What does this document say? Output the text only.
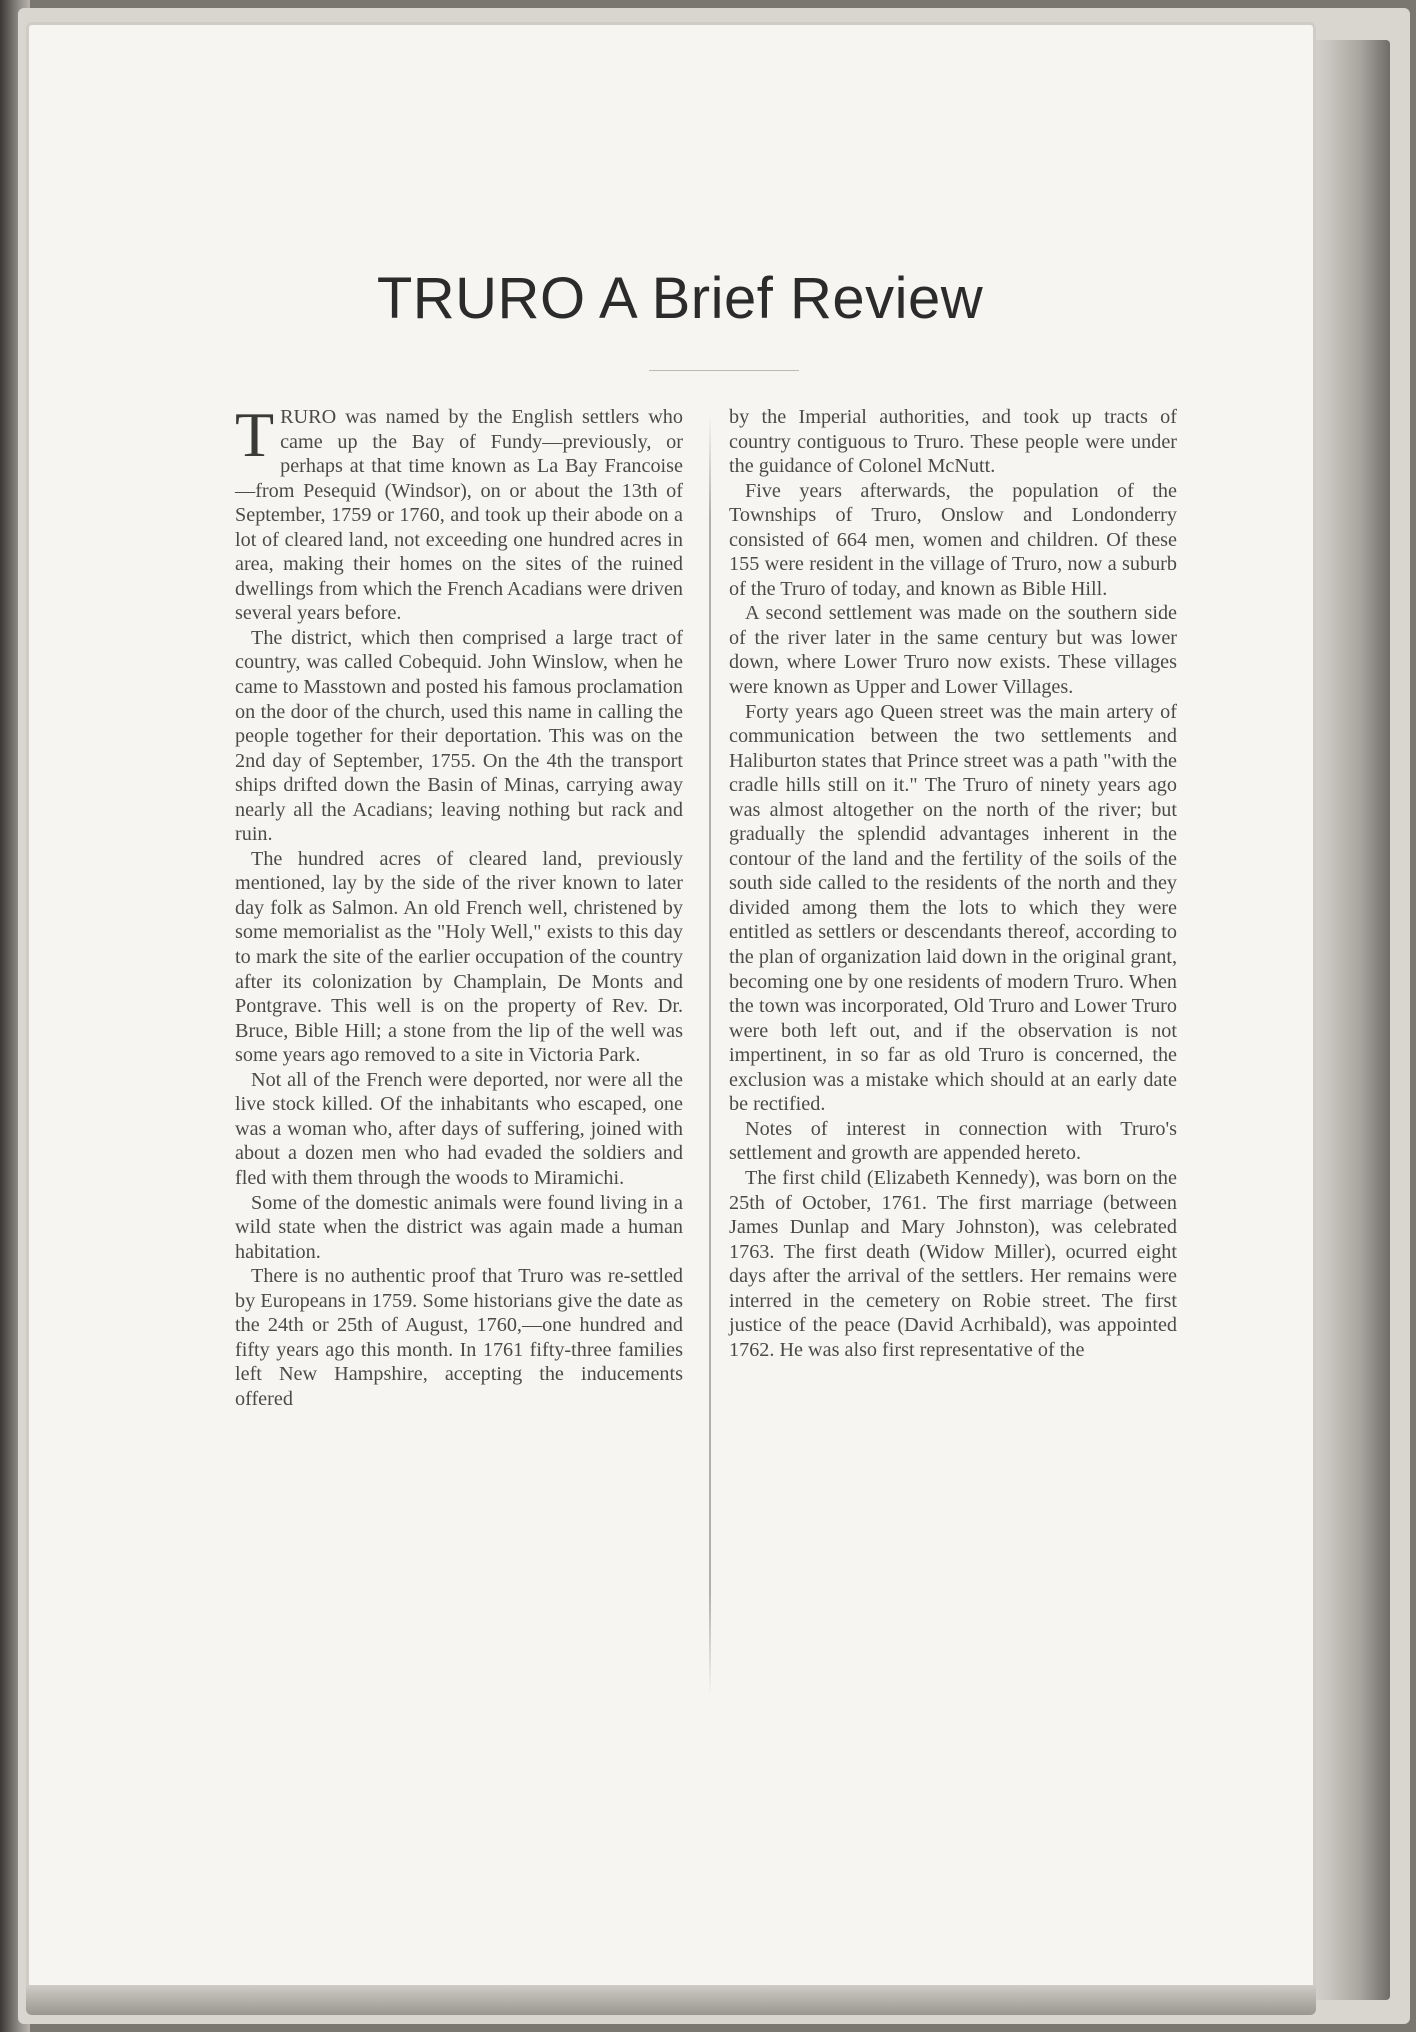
TRURO A Brief Review

TRURO was named by the English settlers who came up the Bay of Fundy—previously, or perhaps at that time known as La Bay Francoise—from Pesequid (Windsor), on or about the 13th of September, 1759 or 1760, and took up their abode on a lot of cleared land, not exceeding one hundred acres in area, making their homes on the sites of the ruined dwellings from which the French Acadians were driven several years before.

The district, which then comprised a large tract of country, was called Cobequid. John Winslow, when he came to Masstown and posted his famous proclamation on the door of the church, used this name in calling the people together for their deportation. This was on the 2nd day of September, 1755. On the 4th the transport ships drifted down the Basin of Minas, carrying away nearly all the Acadians; leaving nothing but rack and ruin.

The hundred acres of cleared land, previously mentioned, lay by the side of the river known to later day folk as Salmon. An old French well, christened by some memorialist as the "Holy Well," exists to this day to mark the site of the earlier occupation of the country after its colonization by Champlain, De Monts and Pontgrave. This well is on the property of Rev. Dr. Bruce, Bible Hill; a stone from the lip of the well was some years ago removed to a site in Victoria Park.

Not all of the French were deported, nor were all the live stock killed. Of the inhabitants who escaped, one was a woman who, after days of suffering, joined with about a dozen men who had evaded the soldiers and fled with them through the woods to Miramichi.

Some of the domestic animals were found living in a wild state when the district was again made a human habitation.

There is no authentic proof that Truro was re-settled by Europeans in 1759. Some historians give the date as the 24th or 25th of August, 1760,—one hundred and fifty years ago this month. In 1761 fifty-three families left New Hampshire, accepting the inducements offered

by the Imperial authorities, and took up tracts of country contiguous to Truro. These people were under the guidance of Colonel McNutt.

Five years afterwards, the population of the Townships of Truro, Onslow and Londonderry consisted of 664 men, women and children. Of these 155 were resident in the village of Truro, now a suburb of the Truro of today, and known as Bible Hill.

A second settlement was made on the southern side of the river later in the same century but was lower down, where Lower Truro now exists. These villages were known as Upper and Lower Villages.

Forty years ago Queen street was the main artery of communication between the two settlements and Haliburton states that Prince street was a path "with the cradle hills still on it." The Truro of ninety years ago was almost altogether on the north of the river; but gradually the splendid advantages inherent in the contour of the land and the fertility of the soils of the south side called to the residents of the north and they divided among them the lots to which they were entitled as settlers or descendants thereof, according to the plan of organization laid down in the original grant, becoming one by one residents of modern Truro. When the town was incorporated, Old Truro and Lower Truro were both left out, and if the observation is not impertinent, in so far as old Truro is concerned, the exclusion was a mistake which should at an early date be rectified.

Notes of interest in connection with Truro's settlement and growth are appended hereto.

The first child (Elizabeth Kennedy), was born on the 25th of October, 1761. The first marriage (between James Dunlap and Mary Johnston), was celebrated 1763. The first death (Widow Miller), ocurred eight days after the arrival of the settlers. Her remains were interred in the cemetery on Robie street. The first justice of the peace (David Acrhibald), was appointed 1762. He was also first representative of the
